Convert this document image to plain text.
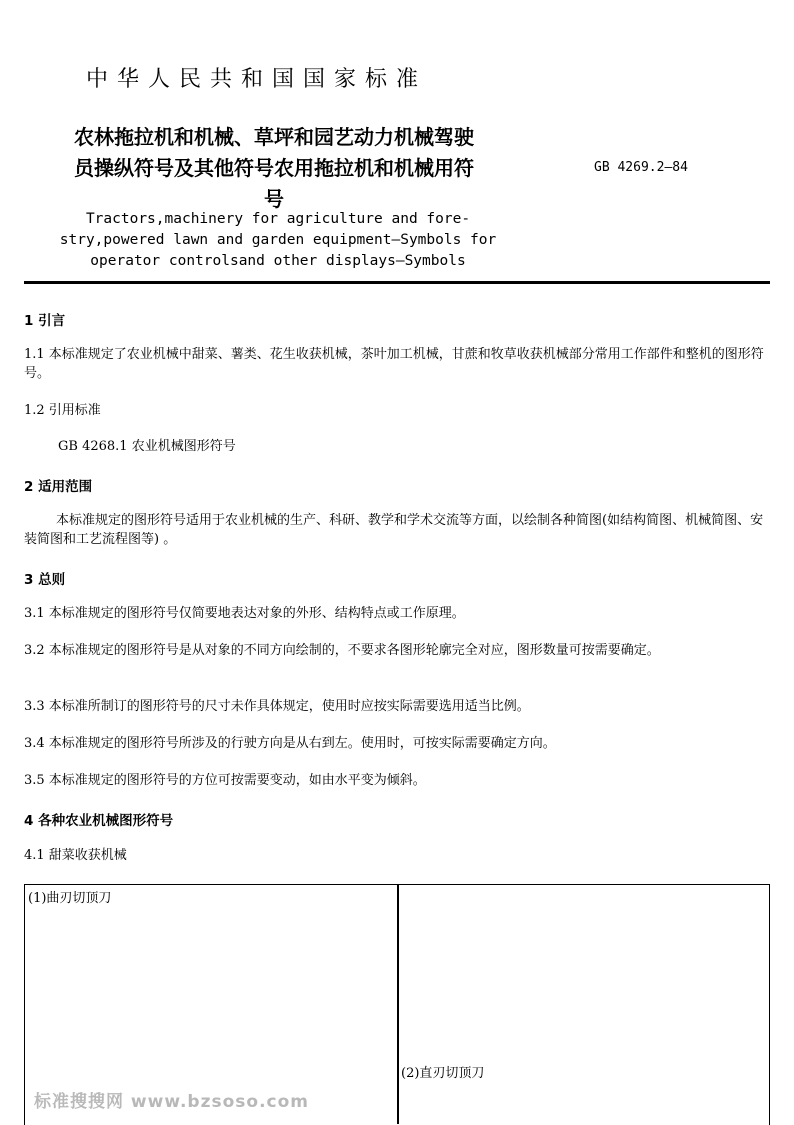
中华人民共和国国家标准
农林拖拉机和机械、草坪和园艺动力机械驾驶
员操纵符号及其他符号农用拖拉机和机械用符
号
GB 4269.2—84
Tractors,machinery for agriculture and fore-
stry,powered lawn and garden equipment—Symbols for
operator controlsand other displays—Symbols
1 引言
1.1 本标准规定了农业机械中甜菜、薯类、花生收获机械，茶叶加工机械，甘蔗和牧草收获机械部分常用工作部件和整机的图形符号。
1.2 引用标准
GB 4268.1 农业机械图形符号
2 适用范围
本标准规定的图形符号适用于农业机械的生产、科研、教学和学术交流等方面，以绘制各种简图(如结构简图、机械简图、安装简图和工艺流程图等) 。
3 总则
3.1 本标准规定的图形符号仅简要地表达对象的外形、结构特点或工作原理。
3.2 本标准规定的图形符号是从对象的不同方向绘制的，不要求各图形轮廓完全对应，图形数量可按需要确定。
3.3 本标准所制订的图形符号的尺寸未作具体规定，使用时应按实际需要选用适当比例。
3.4 本标准规定的图形符号所涉及的行驶方向是从右到左。使用时，可按实际需要确定方向。
3.5 本标准规定的图形符号的方位可按需要变动，如由水平变为倾斜。
4 各种农业机械图形符号
4.1 甜菜收获机械
(1)曲刃切顶刀
(2)直刃切顶刀
标准搜搜网 www.bzsoso.com
